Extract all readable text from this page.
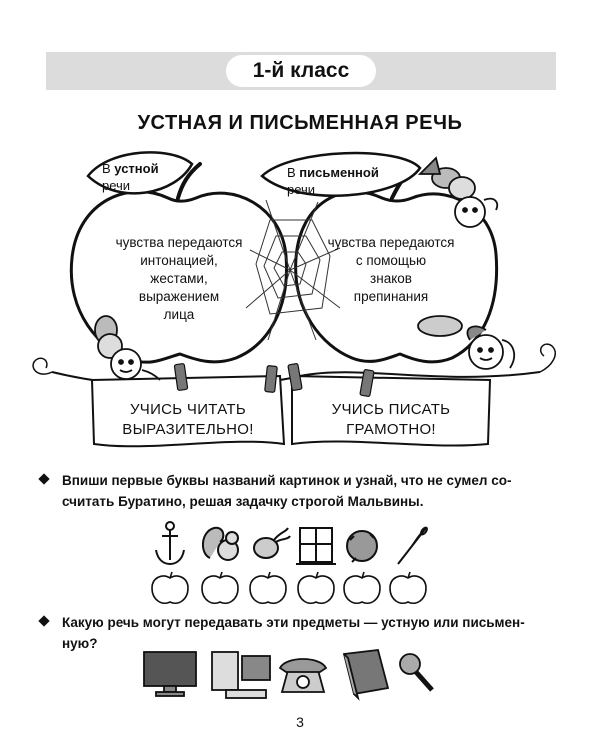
1-й класс
УСТНАЯ И ПИСЬМЕННАЯ РЕЧЬ
В устной
речи
В письменной
речи
чувства передаются
интонацией,
жестами,
выражением
лица
чувства передаются
с помощью
знаков
препинания
УЧИСЬ ЧИТАТЬ
ВЫРАЗИТЕЛЬНО!
УЧИСЬ ПИСАТЬ
ГРАМОТНО!
Впиши первые буквы названий картинок и узнай, что не сумел со-
считать Буратино, решая задачку строгой Мальвины.
Какую речь могут передавать эти предметы — устную или письмен-
ную?
3
